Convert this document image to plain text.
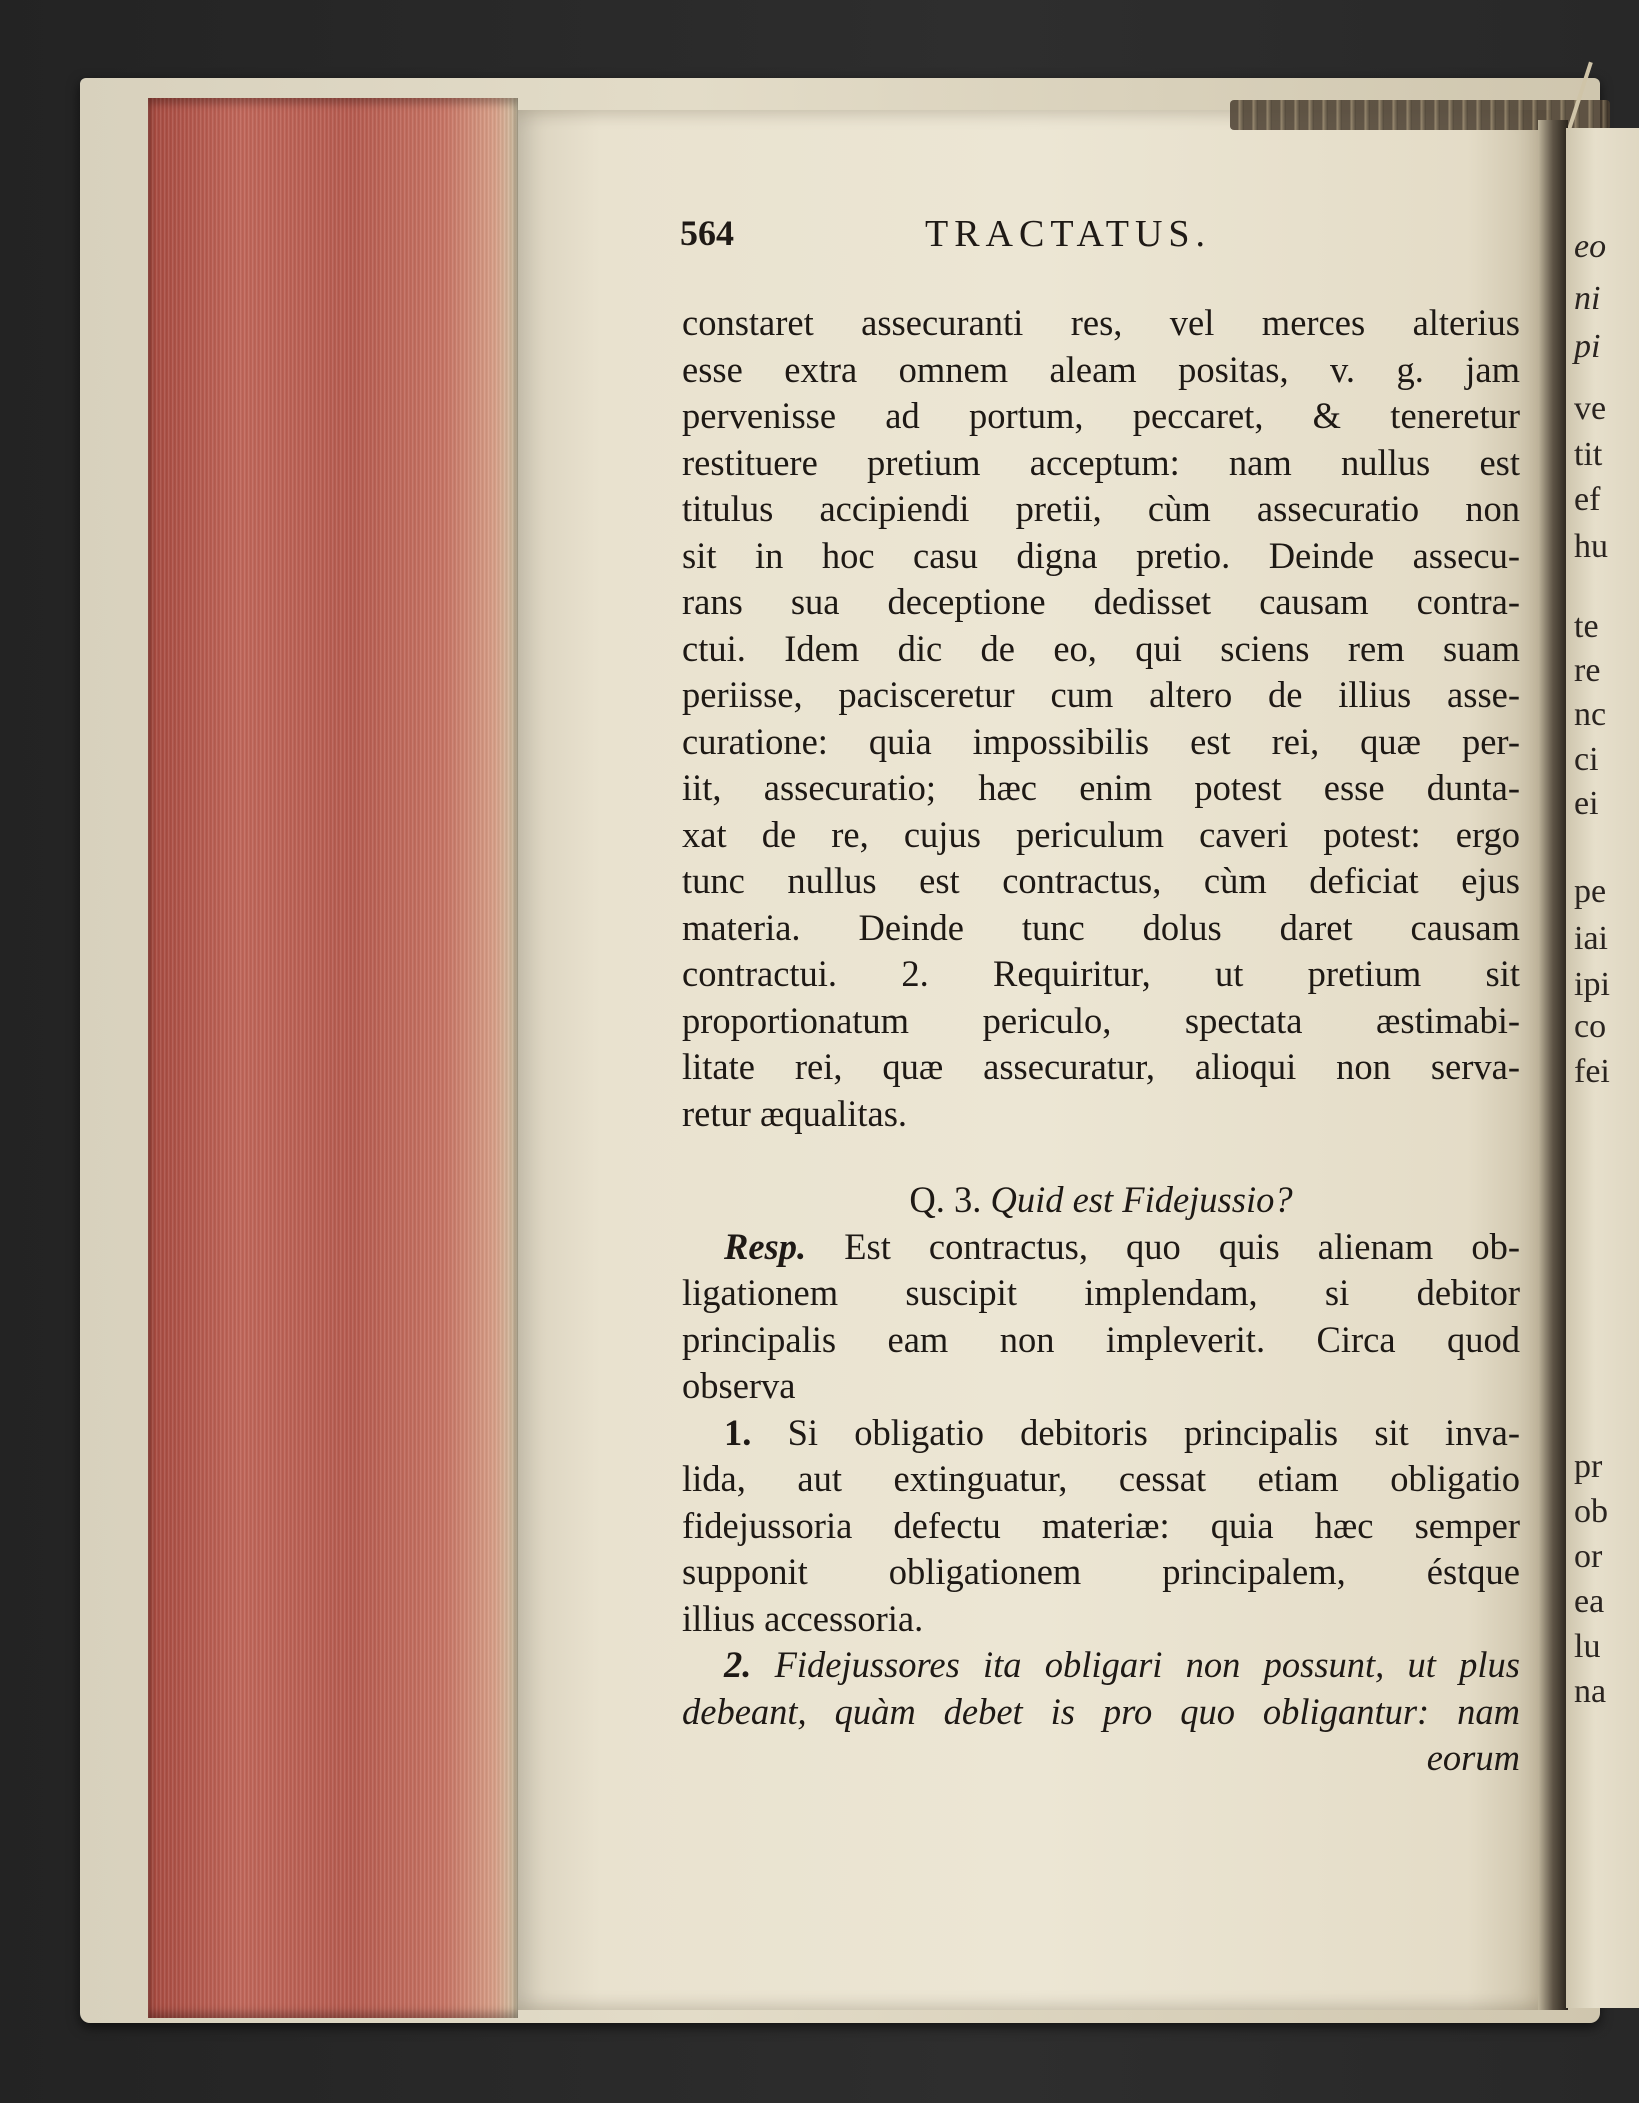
eo
ni
pi
ve
tit
ef
hu
te
re
nc
ci
ei
pe
iai
ipi
co
fei
pr
ob
or
ea
lu
na
564	TRACTATUS.
constaret assecuranti res, vel merces alterius
esse extra omnem aleam positas, v. g. jam
pervenisse ad portum, peccaret, & teneretur
restituere pretium acceptum: nam nullus est
titulus accipiendi pretii, cùm assecuratio non
sit in hoc casu digna pretio. Deinde assecu-
rans sua deceptione dedisset causam contra-
ctui. Idem dic de eo, qui sciens rem suam
periisse, pacisceretur cum altero de illius asse-
curatione: quia impossibilis est rei, quæ per-
iit, assecuratio; hæc enim potest esse dunta-
xat de re, cujus periculum caveri potest: ergo
tunc nullus est contractus, cùm deficiat ejus
materia. Deinde tunc dolus daret causam
contractui. 2. Requiritur, ut pretium sit
proportionatum periculo, spectata æstimabi-
litate rei, quæ assecuratur, alioqui non serva-
retur æqualitas.
Q. 3. Quid est Fidejussio?
Resp. Est contractus, quo quis alienam ob-
ligationem suscipit implendam, si debitor
principalis eam non impleverit. Circa quod
observa
1. Si obligatio debitoris principalis sit inva-
lida, aut extinguatur, cessat etiam obligatio
fidejussoria defectu materiæ: quia hæc semper
supponit obligationem principalem, éstque
illius accessoria.
2. Fidejussores ita obligari non possunt, ut plus
debeant, quàm debet is pro quo obligantur: nam
eorum
